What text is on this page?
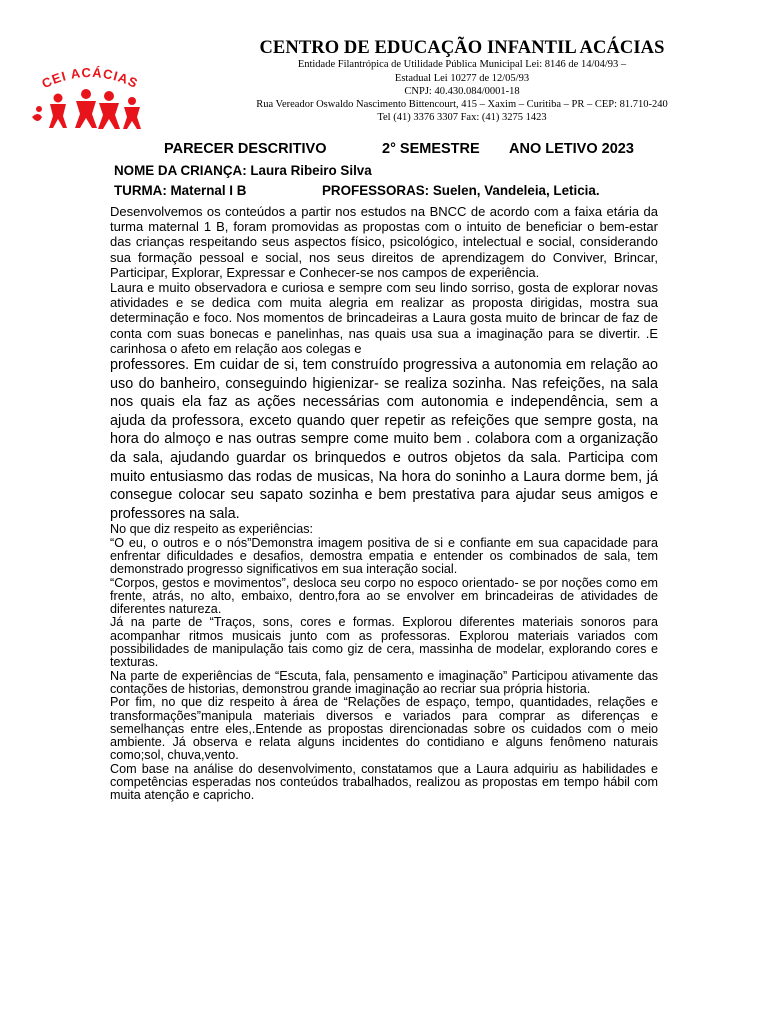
CEI ACÁCIAS
CENTRO DE EDUCAÇÃO INFANTIL ACÁCIAS
Entidade Filantrópica de Utilidade Pública Municipal Lei: 8146 de 14/04/93 –
Estadual Lei 10277 de 12/05/93
CNPJ: 40.430.084/0001-18
Rua Vereador Oswaldo Nascimento Bittencourt, 415 – Xaxim – Curitiba – PR – CEP: 81.710-240
Tel (41) 3376 3307 Fax: (41) 3275 1423
PARECER DESCRITIVO	2° SEMESTRE ANO LETIVO 2023
NOME DA CRIANÇA: Laura Ribeiro Silva
TURMA: Maternal I B	PROFESSORAS: Suelen, Vandeleia, Leticia.

Desenvolvemos os conteúdos a partir nos estudos na BNCC de acordo com a faixa etária da turma maternal 1 B, foram promovidas as propostas com o intuito de beneficiar o bem-estar das crianças respeitando seus aspectos físico, psicológico, intelectual e social, considerando sua formação pessoal e social, nos seus direitos de aprendizagem do Conviver, Brincar, Participar, Explorar, Expressar e Conhecer-se nos campos de experiência.

Laura e muito observadora e curiosa e sempre com seu lindo sorriso, gosta de explorar novas atividades e se dedica com muita alegria em realizar as proposta dirigidas, mostra sua determinação e foco. Nos momentos de brincadeiras a Laura gosta muito de brincar de faz de conta com suas bonecas e panelinhas, nas quais usa sua a imaginação para se divertir. .E carinhosa o afeto em relação aos colegas e

professores. Em cuidar de si, tem construído progressiva a autonomia em relação ao uso do banheiro, conseguindo higienizar- se realiza sozinha. Nas refeições, na sala nos quais ela faz as ações necessárias com autonomia e independência, sem a ajuda da professora, exceto quando quer repetir as refeições que sempre gosta, na hora do almoço e nas outras sempre come muito bem . colabora com a organização da sala, ajudando guardar os brinquedos e outros objetos da sala. Participa com muito entusiasmo das rodas de musicas, Na hora do soninho a Laura dorme bem, já consegue colocar seu sapato sozinha e bem prestativa para ajudar seus amigos e professores na sala.

No que diz respeito as experiências:

“O eu, o outros e o nós”Demonstra imagem positiva de si e confiante em sua capacidade para enfrentar dificuldades e desafios, demostra empatia e entender os combinados de sala, tem demonstrado progresso significativos em sua interação social.

“Corpos, gestos e movimentos”, desloca seu corpo no espoco orientado- se por noções como em frente, atrás, no alto, embaixo, dentro,fora ao se envolver em brincadeiras de atividades de diferentes natureza.

Já na parte de “Traços, sons, cores e formas. Explorou diferentes materiais sonoros para acompanhar ritmos musicais junto com as professoras. Explorou materiais variados com possibilidades de manipulação tais como giz de cera, massinha de modelar, explorando cores e texturas.

Na parte de experiências de “Escuta, fala, pensamento e imaginação” Participou ativamente das contações de historias, demonstrou grande imaginação ao recriar sua própria historia.

Por fim, no que diz respeito à área de “Relações de espaço, tempo, quantidades, relações e transformações”manipula materiais diversos e variados para comprar as diferenças e semelhanças entre eles,.Entende as propostas direncionadas sobre os cuidados com o meio ambiente. Já observa e relata alguns incidentes do contidiano e alguns fenômeno naturais como;sol, chuva,vento.

Com base na análise do desenvolvimento, constatamos que a Laura adquiriu as habilidades e competências esperadas nos conteúdos trabalhados, realizou as propostas em tempo hábil com muita atenção e capricho.
